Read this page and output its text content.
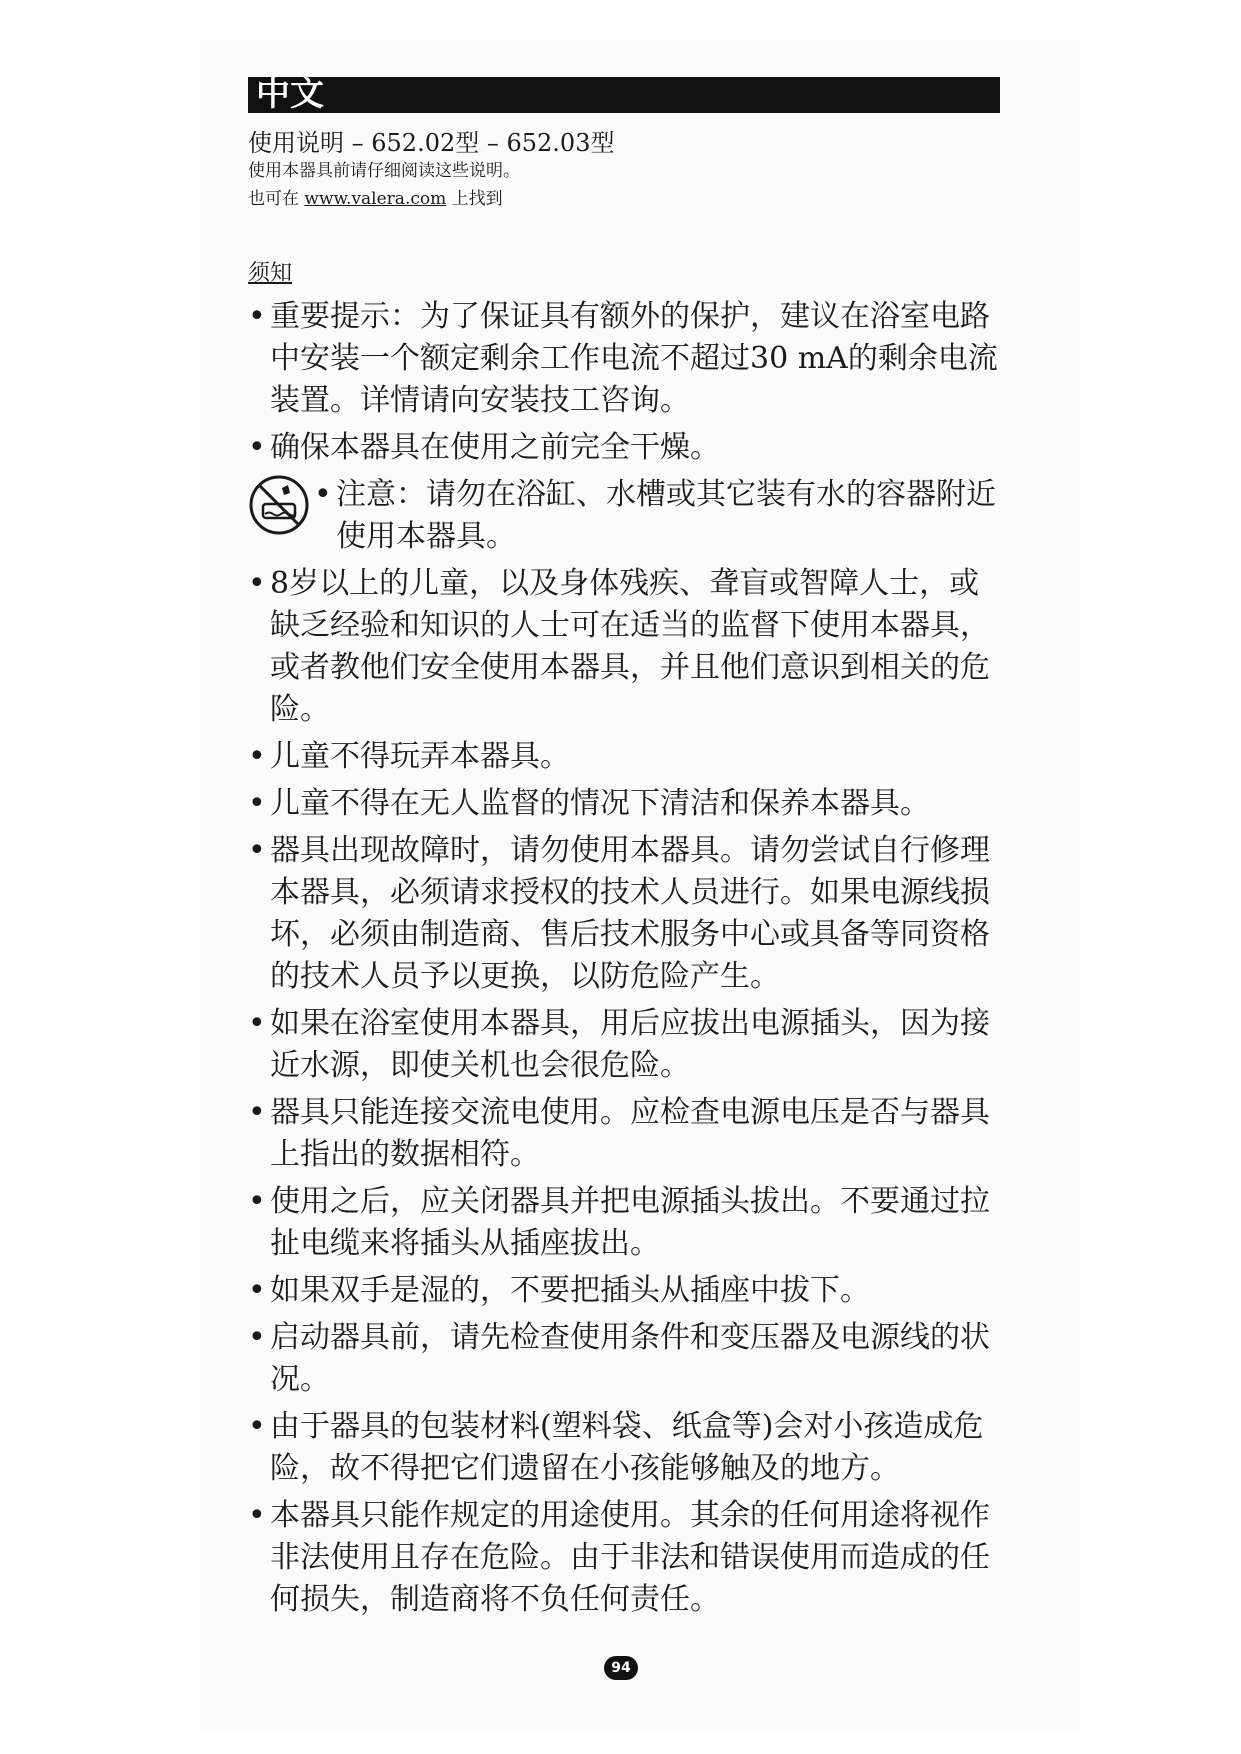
中文
使用说明 – 652.02型 – 652.03型
使用本器具前请仔细阅读这些说明。
也可在 www.valera.com 上找到
须知
• 重要提示：为了保证具有额外的保护，建议在浴室电路中安装一个额定剩余工作电流不超过30 mA的剩余电流装置。详情请向安装技工咨询。
• 确保本器具在使用之前完全干燥。
• 注意：请勿在浴缸、水槽或其它装有水的容器附近使用本器具。
• 8岁以上的儿童，以及身体残疾、聋盲或智障人士，或缺乏经验和知识的人士可在适当的监督下使用本器具，或者教他们安全使用本器具，并且他们意识到相关的危险。
• 儿童不得玩弄本器具。
• 儿童不得在无人监督的情况下清洁和保养本器具。
• 器具出现故障时，请勿使用本器具。请勿尝试自行修理本器具，必须请求授权的技术人员进行。如果电源线损坏，必须由制造商、售后技术服务中心或具备等同资格的技术人员予以更换，以防危险产生。
• 如果在浴室使用本器具，用后应拔出电源插头，因为接近水源，即使关机也会很危险。
• 器具只能连接交流电使用。应检查电源电压是否与器具上指出的数据相符。
• 使用之后，应关闭器具并把电源插头拔出。不要通过拉扯电缆来将插头从插座拔出。
• 如果双手是湿的，不要把插头从插座中拔下。
• 启动器具前，请先检查使用条件和变压器及电源线的状况。
• 由于器具的包装材料(塑料袋、纸盒等)会对小孩造成危险，故不得把它们遗留在小孩能够触及的地方。
• 本器具只能作规定的用途使用。其余的任何用途将视作非法使用且存在危险。由于非法和错误使用而造成的任何损失，制造商将不负任何责任。
94
